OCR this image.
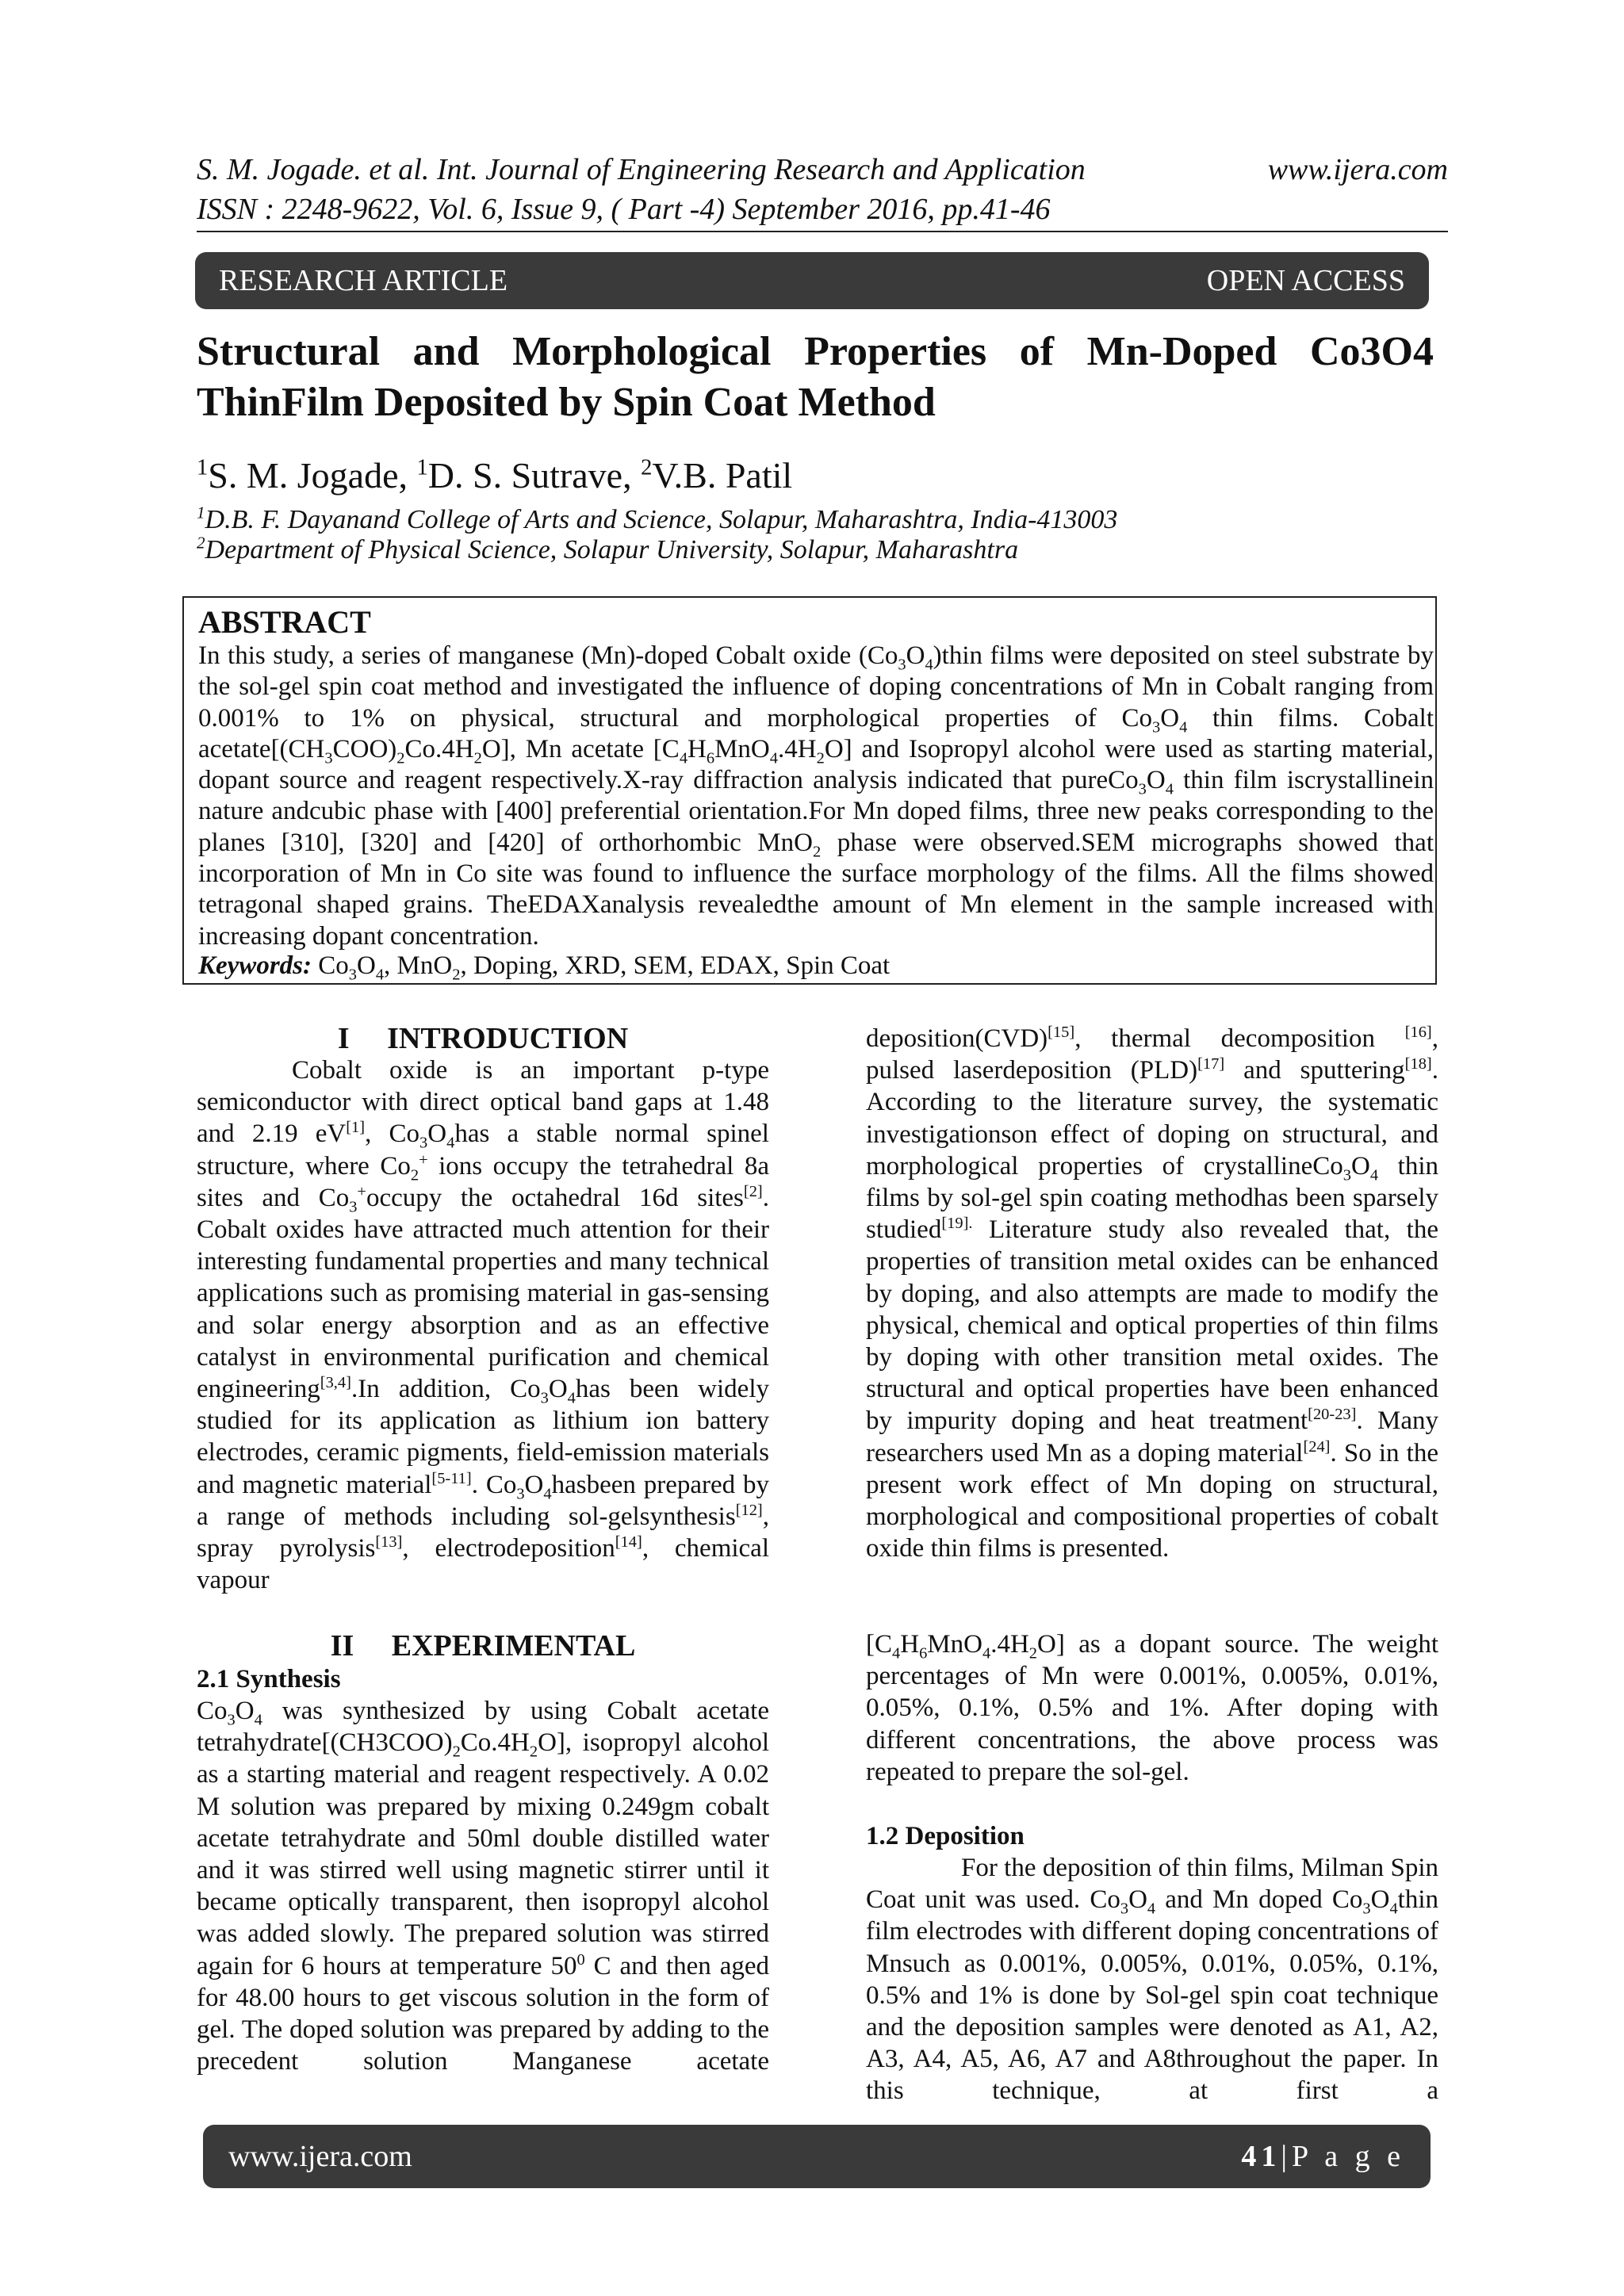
S. M. Jogade. et al. Int. Journal of Engineering Research and Application
ISSN : 2248-9622, Vol. 6, Issue 9, ( Part -4) September 2016, pp.41-46
www.ijera.com
RESEARCH ARTICLE	OPEN ACCESS
Structural and Morphological Properties of Mn-Doped Co3O4 ThinFilm Deposited by Spin Coat Method
$^1$S. M. Jogade, $^1$D. S. Sutrave, $^2$V.B. Patil
$^1$D.B. F. Dayanand College of Arts and Science, Solapur, Maharashtra, India-413003
$^2$Department of Physical Science, Solapur University, Solapur, Maharashtra
ABSTRACT
In this study, a series of manganese (Mn)-doped Cobalt oxide $(Co_3O_4)thin$ films were deposited on steel substrate by the sol-gel spin coat method and investigated the influence of doping concentrations of Mn in Cobalt ranging from 0.001% to 1% on physical, structural and morphological properties of $Co_3O_4$ thin films. Cobalt $acetate[(CH_3COO)_2Co.4H_2O]$, Mn acetate $[C_4H_6MnO_4.4H_2O]$ and Isopropyl alcohol were used as starting material, dopant source and reagent respectively.X-ray diffraction analysis indicated that $pureCo_3O_4$ thin film iscrystallinein nature andcubic phase with [400] preferential orientation.For Mn doped films, three new peaks corresponding to the planes [310], [320] and [420] of orthorhombic MnO$_2$ phase were observed.SEM micrographs showed that incorporation of Mn in Co site was found to influence the surface morphology of the films. All the films showed tetragonal shaped grains. TheEDAXanalysis revealedthe amount of Mn element in the sample increased with increasing dopant concentration.
Keywords: $Co_3O_4$, MnO$_2$, Doping, XRD, SEM, EDAX, Spin Coat
I INTRODUCTION

Cobalt oxide is an important p-type semiconductor with direct optical band gaps at 1.48 and 2.19 eV[1], $Co_3O_4has$ a stable normal spinel structure, where $Co_2^+$ ions occupy the tetrahedral 8a sites and $Co_3^+occupy$ the octahedral 16d sites[2]. Cobalt oxides have attracted much attention for their interesting fundamental properties and many technical applications such as promising material in gas-sensing and solar energy absorption and as an effective catalyst in environmental purification and chemical engineering[3,4].In addition, $Co_3O_4has$ been widely studied for its application as lithium ion battery electrodes, ceramic pigments, field-emission materials and magnetic material[5-11]. $Co_3O_4hasbeen$ prepared by a range of methods including sol-gelsynthesis[12], spray pyrolysis[13], electrodeposition[14], chemical vapour

II EXPERIMENTAL
2.1 Synthesis

$Co_3O_4$ was synthesized by using Cobalt acetate $tetrahydrate[(CH3COO)_2Co.4H_2O]$, isopropyl alcohol as a starting material and reagent respectively. A 0.02 M solution was prepared by mixing 0.249gm cobalt acetate tetrahydrate and 50ml double distilled water and it was stirred well using magnetic stirrer until it became optically transparent, then isopropyl alcohol was added slowly. The prepared solution was stirred again for 6 hours at temperature $50^0$ C and then aged for 48.00 hours to get viscous solution in the form of gel. The doped solution was prepared by adding to the precedent solution Manganese acetate

deposition(CVD)[15], thermal decomposition [16], pulsed laserdeposition (PLD)[17] and sputtering[18]. According to the literature survey, the systematic investigationson effect of doping on structural, and morphological properties of $crystallineCo_3O_4$ thin films by sol-gel spin coating methodhas been sparsely studied$^{[19].}$ Literature study also revealed that, the properties of transition metal oxides can be enhanced by doping, and also attempts are made to modify the physical, chemical and optical properties of thin films by doping with other transition metal oxides. The structural and optical properties have been enhanced by impurity doping and heat treatment[20-23]. Many researchers used Mn as a doping material[24]. So in the present work effect of Mn doping on structural, morphological and compositional properties of cobalt oxide thin films is presented.

$[C_4H_6MnO_4.4H_2O]$ as a dopant source. The weight percentages of Mn were 0.001%, 0.005%, 0.01%, 0.05%, 0.1%, 0.5% and 1%. After doping with different concentrations, the above process was repeated to prepare the sol-gel.

1.2 Deposition

For the deposition of thin films, Milman Spin Coat unit was used. $Co_3O_4$ and Mn doped $Co_3O_4thin$ film electrodes with different doping concentrations of Mnsuch as 0.001%, 0.005%, 0.01%, 0.05%, 0.1%, 0.5% and 1% is done by Sol-gel spin coat technique and the deposition samples were denoted as A1, A2, A3, A4, A5, A6, A7 and A8throughout the paper. In this technique, at first a

www.ijera.com	41|P a g e
